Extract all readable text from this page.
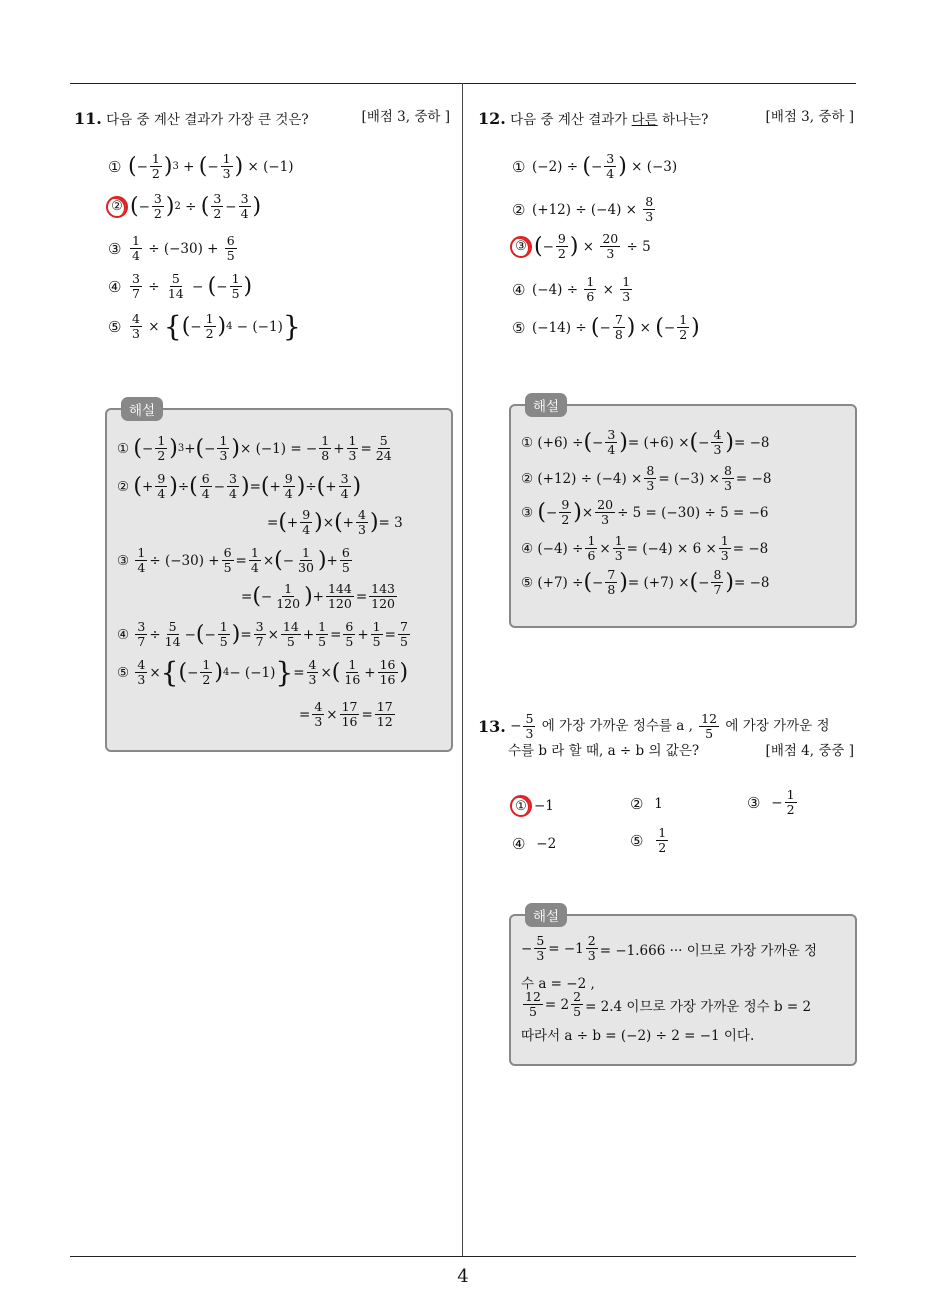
4
11. 다음 중 계산 결과가 가장 큰 것은?	[배점 3, 중하 ]
① ( −
1
2 ) 3 + ( −
1
3 ) × (−1)
② ( −
3
2 ) 2 ÷ ( 3
2 −
3
4 )
③ 1
4 ÷ (−30) +
6
5
④ 3
7 ÷
5
14 − ( −
1
5 )
⑤ 4
3 × { ( −
1
2 ) 4 − (−1) }
해설
① ( −
1
2 ) 3 + ( −
1
3 ) × (−1) = −
1
8 +
1
3 =
5
24
② ( +
9
4 ) ÷ ( 6
4 −
3
4 ) = ( +
9
4 ) ÷ ( +
3
4 )
= ( +
9
4 ) × ( +
4
3 ) = 3
③
1
4 ÷ (−30) +
6
5 =
1
4 × ( −
1
30 ) +
6
5
= ( −
1
120 ) +
144
120 =
143
120
④
3
7 ÷
5
14 − ( −
1
5 ) =
3
7 ×
14
5 +
1
5 =
6
5 +
1
5 =
7
5
⑤
4
3 × { ( −
1
2 ) 4 − (−1) } =
4
3 × ( 1
16 +
16
16 )
=
4
3 ×
17
16 =
17
12
12. 다음 중 계산 결과가 다른 하나는?	[배점 3, 중하 ]
① (−2) ÷ ( −
3
4 ) × (−3)
② (+12) ÷ (−4) ×
8
3
③ ( −
9
2 ) ×
20
3 ÷ 5
④ (−4) ÷
1
6 ×
1
3
⑤ (−14) ÷ ( −
7
8 ) × ( −
1
2 )
해설
① (+6) ÷ ( −
3
4 ) = (+6) × ( −
4
3 ) = −8
② (+12) ÷ (−4) ×
8
3 = (−3) ×
8
3 = −8
③ ( −
9
2 ) ×
20
3 ÷ 5 = (−30) ÷ 5 = −6
④ (−4) ÷
1
6 ×
1
3 = (−4) × 6 ×
1
3 = −8
⑤ (+7) ÷ ( −
7
8 ) = (+7) × ( −
8
7 ) = −8
13. − 5
3
에 가장 가까운 정수를 a ,
12
5
에 가장 가까운 정
수를 b 라 할 때, a ÷ b 의 값은?	[배점 4, 중중 ]
① −1	②
1	③
− $\frac{1}{2}$
④
−2	⑤
	1
2
해설
−
5
$3 = -1 \frac{2}{3} = -1.666$ ··· 이므로 가장 가까운 정
수 a = −2 ,
12
$5 = 2 \frac{2}{5} = 2.4$ 이므로 가장 가까운 정수 b = 2
따라서 a ÷ b = (−2) ÷ 2 = −1 이다.
